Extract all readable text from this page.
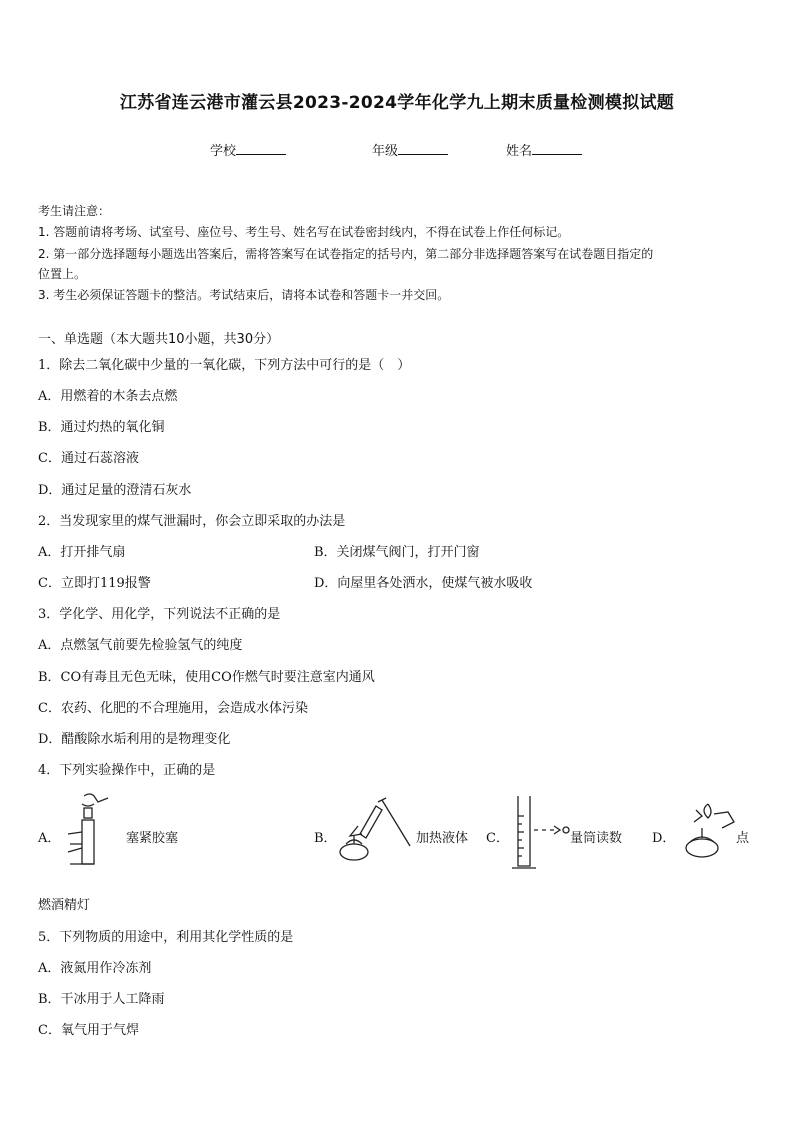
江苏省连云港市灌云县2023-2024学年化学九上期末质量检测模拟试题
学校	年级	姓名
考生请注意：
1. 答题前请将考场、试室号、座位号、考生号、姓名写在试卷密封线内，不得在试卷上作任何标记。
2. 第一部分选择题每小题选出答案后，需将答案写在试卷指定的括号内，第二部分非选择题答案写在试卷题目指定的
位置上。
3. 考生必须保证答题卡的整洁。考试结束后，请将本试卷和答题卡一并交回。
一、单选题（本大题共10小题，共30分）
1．除去二氧化碳中少量的一氧化碳，下列方法中可行的是（　）
A．用燃着的木条去点燃
B．通过灼热的氧化铜
C．通过石蕊溶液
D．通过足量的澄清石灰水
2．当发现家里的煤气泄漏时，你会立即采取的办法是
A．打开排气扇	B．关闭煤气阀门，打开门窗
C．立即打119报警	D．向屋里各处洒水，使煤气被水吸收
3．学化学、用化学，下列说法不正确的是
A．点燃氢气前要先检验氢气的纯度
B．CO有毒且无色无味，使用CO作燃气时要注意室内通风
C．农药、化肥的不合理施用，会造成水体污染
D．醋酸除水垢利用的是物理变化
4．下列实验操作中，正确的是
A．	塞紧胶塞	B．	加热液体 C．	量筒读数 D．	点
燃酒精灯
5．下列物质的用途中，利用其化学性质的是
A．液氮用作冷冻剂
B．干冰用于人工降雨
C．氧气用于气焊
